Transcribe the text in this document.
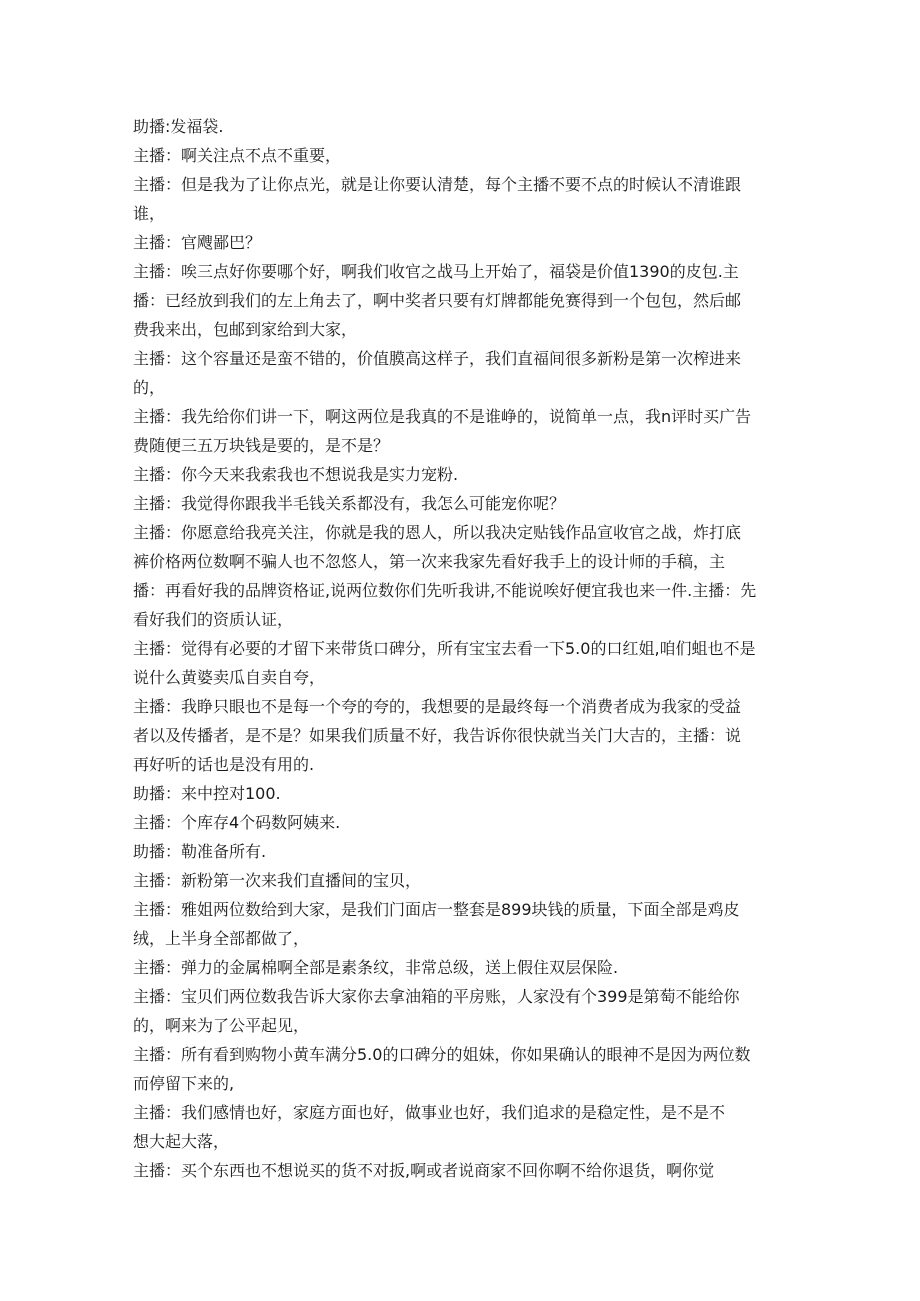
助播:发福袋.
主播：啊关注点不点不重要，
主播：但是我为了让你点光，就是让你要认清楚，每个主播不要不点的时候认不清谁跟
谁，
主播：官飕鄙巴？
主播：唉三点好你要哪个好，啊我们收官之战马上开始了，福袋是价值1390的皮包.主
播：已经放到我们的左上角去了，啊中奖者只要有灯牌都能免赛得到一个包包，然后邮
费我来出，包邮到家给到大家，
主播：这个容量还是蛮不错的，价值膜高这样子，我们直福间很多新粉是第一次榨进来
的，
主播：我先给你们讲一下，啊这两位是我真的不是谁峥的，说简单一点，我n评时买广告
费随便三五万块钱是要的，是不是？
主播：你今天来我索我也不想说我是实力宠粉.
主播：我觉得你跟我半毛钱关系都没有，我怎么可能宠你呢？
主播：你愿意给我亮关注，你就是我的恩人，所以我决定贴钱作品宣收官之战，炸打底
裤价格两位数啊不骗人也不忽悠人，第一次来我家先看好我手上的设计师的手稿，主
播：再看好我的品牌资格证,说两位数你们先听我讲,不能说唉好便宜我也来一件.主播：先
看好我们的资质认证，
主播：觉得有必要的才留下来带货口碑分，所有宝宝去看一下5.0的口红姐,咱们蛆也不是
说什么黄婆卖瓜自卖自夸，
主播：我睁只眼也不是每一个夸的夸的，我想要的是最终每一个消费者成为我家的受益
者以及传播者，是不是？如果我们质量不好，我告诉你很快就当关门大吉的，主播：说
再好听的话也是没有用的.
助播：来中控对100.
主播：个库存4个码数阿姨来.
助播：勒准备所有.
主播：新粉第一次来我们直播间的宝贝，
主播：雅姐两位数给到大家，是我们门面店一整套是899块钱的质量，下面全部是鸡皮
绒，上半身全部都做了，
主播：弹力的金属棉啊全部是素条纹，非常总级，送上假住双层保险.
主播：宝贝们两位数我告诉大家你去拿油箱的平房账，人家没有个399是第萄不能给你
的，啊来为了公平起见，
主播：所有看到购物小黄车满分5.0的口碑分的姐妹，你如果确认的眼神不是因为两位数
而停留下来的,
主播：我们感情也好，家庭方面也好，做事业也好，我们追求的是稳定性，是不是不
想大起大落，
主播：买个东西也不想说买的货不对扳,啊或者说商家不回你啊不给你退货，啊你觉
